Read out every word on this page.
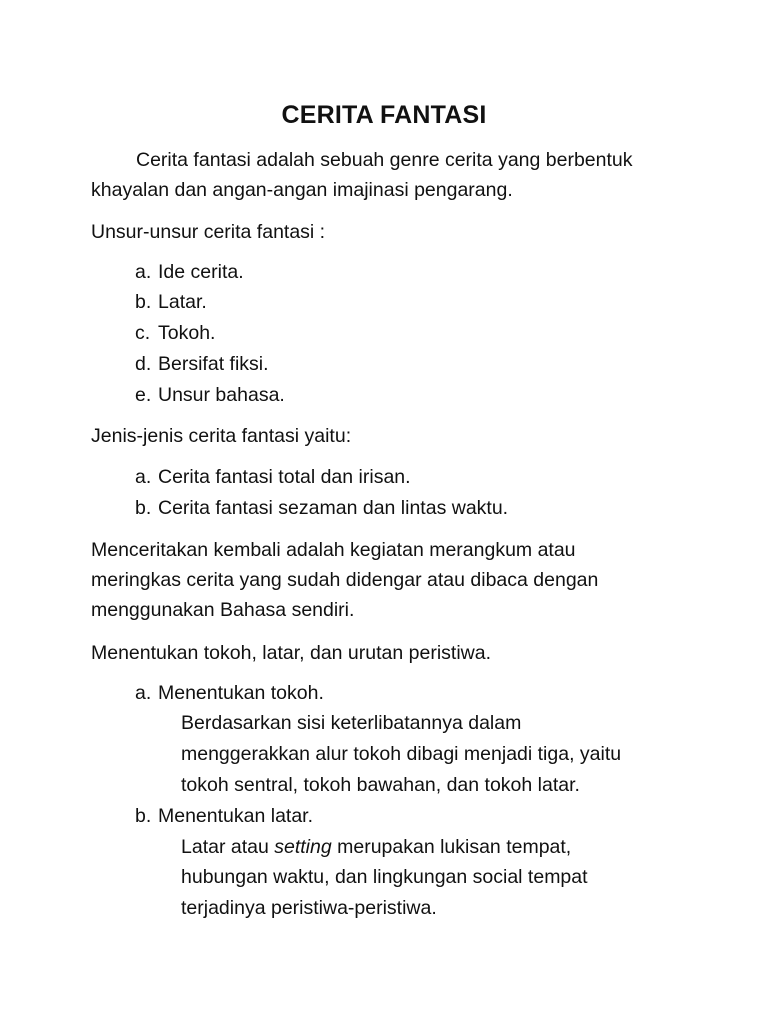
CERITA FANTASI

Cerita fantasi adalah sebuah genre cerita yang berbentuk

khayalan dan angan-angan imajinasi pengarang.

Unsur-unsur cerita fantasi :

a. Ide cerita.
b. Latar.
c. Tokoh.
d. Bersifat fiksi.
e. Unsur bahasa.

Jenis-jenis cerita fantasi yaitu:

a. Cerita fantasi total dan irisan.
b. Cerita fantasi sezaman dan lintas waktu.

Menceritakan kembali adalah kegiatan merangkum atau

meringkas cerita yang sudah didengar atau dibaca dengan

menggunakan Bahasa sendiri.

Menentukan tokoh, latar, dan urutan peristiwa.

a. Menentukan tokoh.

Berdasarkan sisi keterlibatannya dalam

menggerakkan alur tokoh dibagi menjadi tiga, yaitu

tokoh sentral, tokoh bawahan, dan tokoh latar.

b. Menentukan latar.

Latar atau setting merupakan lukisan tempat,

hubungan waktu, dan lingkungan social tempat

terjadinya peristiwa-peristiwa.
